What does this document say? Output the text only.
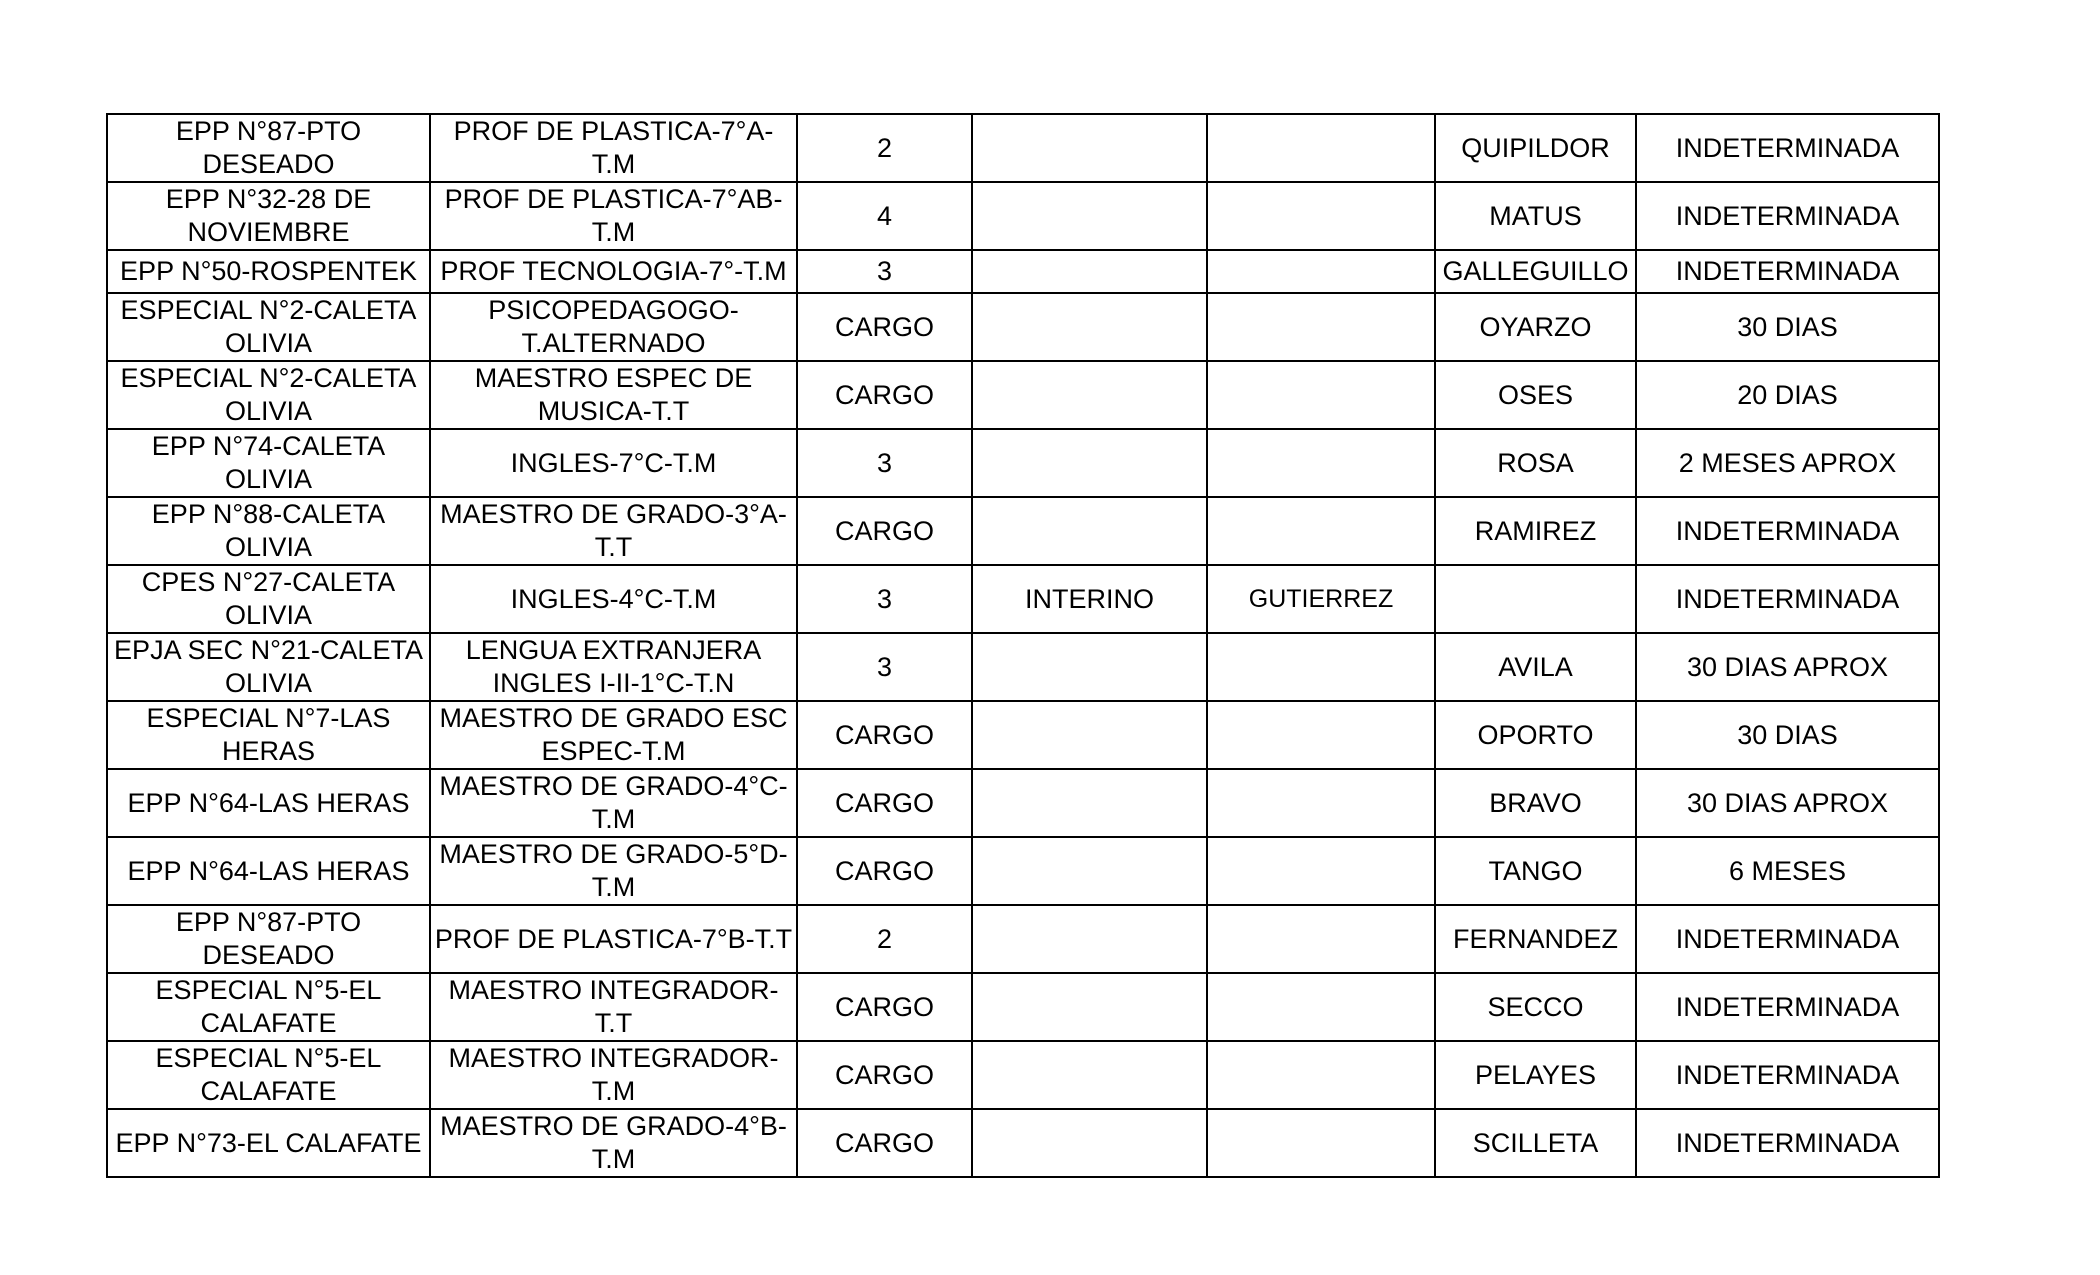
EPP N°87-PTO DESEADO	PROF DE PLASTICA-7°A-T.M	2			QUIPILDOR	INDETERMINADA
EPP N°32-28 DE NOVIEMBRE	PROF DE PLASTICA-7°AB-T.M	4			MATUS	INDETERMINADA
EPP N°50-ROSPENTEK	PROF TECNOLOGIA-7°-T.M	3			GALLEGUILLO	INDETERMINADA
ESPECIAL N°2-CALETA OLIVIA	PSICOPEDAGOGO-T.ALTERNADO	CARGO			OYARZO	30 DIAS
ESPECIAL N°2-CALETA OLIVIA	MAESTRO ESPEC DE MUSICA-T.T	CARGO			OSES	20 DIAS
EPP N°74-CALETA OLIVIA	INGLES-7°C-T.M	3			ROSA	2 MESES APROX
EPP N°88-CALETA OLIVIA	MAESTRO DE GRADO-3°A-T.T	CARGO			RAMIREZ	INDETERMINADA
CPES N°27-CALETA OLIVIA	INGLES-4°C-T.M	3	INTERINO	GUTIERREZ		INDETERMINADA
EPJA SEC N°21-CALETA OLIVIA	LENGUA EXTRANJERA INGLES I-II-1°C-T.N	3			AVILA	30 DIAS APROX
ESPECIAL N°7-LAS HERAS	MAESTRO DE GRADO ESC ESPEC-T.M	CARGO			OPORTO	30 DIAS
EPP N°64-LAS HERAS	MAESTRO DE GRADO-4°C-T.M	CARGO			BRAVO	30 DIAS APROX
EPP N°64-LAS HERAS	MAESTRO DE GRADO-5°D-T.M	CARGO			TANGO	6 MESES
EPP N°87-PTO DESEADO	PROF DE PLASTICA-7°B-T.T	2			FERNANDEZ	INDETERMINADA
ESPECIAL N°5-EL CALAFATE	MAESTRO INTEGRADOR-T.T	CARGO			SECCO	INDETERMINADA
ESPECIAL N°5-EL CALAFATE	MAESTRO INTEGRADOR-T.M	CARGO			PELAYES	INDETERMINADA
EPP N°73-EL CALAFATE	MAESTRO DE GRADO-4°B-T.M	CARGO			SCILLETA	INDETERMINADA
